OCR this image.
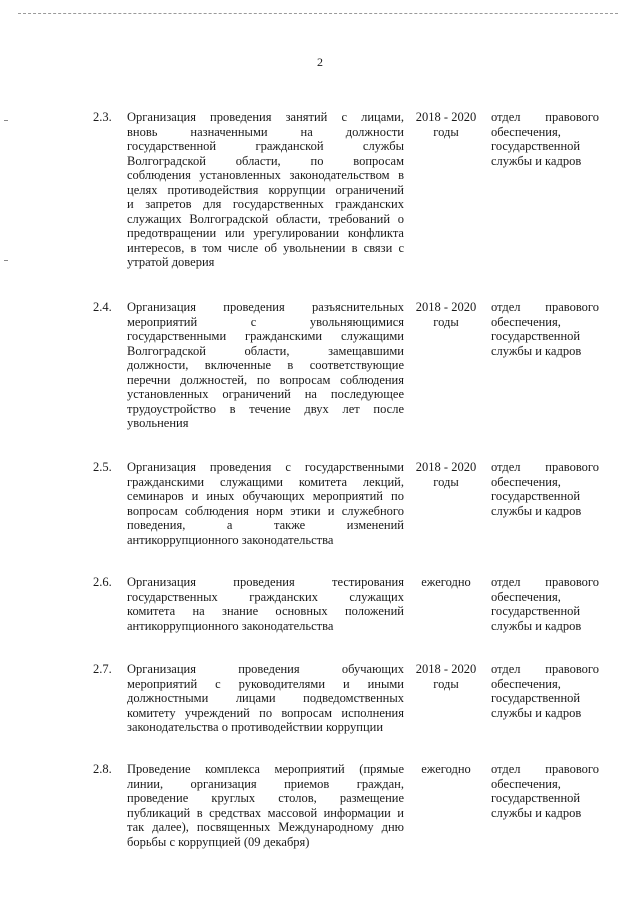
2
2.3. Организация проведения занятий с лицами,
вновь назначенными на должности
государственной гражданской службы
Волгоградской области, по вопросам
соблюдения установленных законодательством в
целях противодействия коррупции ограничений
и запретов для государственных гражданских
служащих Волгоградской области, требований о
предотвращении или урегулировании конфликта
интересов, в том числе об увольнении в связи с
утратой доверия
2018 - 2020
годы
отдел правового
обеспечения,
государственной
службы и кадров
2.4. Организация проведения разъяснительных
мероприятий с увольняющимися
государственными гражданскими служащими
Волгоградской области, замещавшими
должности, включенные в соответствующие
перечни должностей, по вопросам соблюдения
установленных ограничений на последующее
трудоустройство в течение двух лет после
увольнения
2018 - 2020
годы
отдел правового
обеспечения,
государственной
службы и кадров
2.5. Организация проведения с государственными
гражданскими служащими комитета лекций,
семинаров и иных обучающих мероприятий по
вопросам соблюдения норм этики и служебного
поведения, а также изменений
антикоррупционного законодательства
2018 - 2020
годы
отдел правового
обеспечения,
государственной
службы и кадров
2.6. Организация проведения тестирования
государственных гражданских служащих
комитета на знание основных положений
антикоррупционного законодательства
ежегодно	отдел правового
обеспечения,
государственной
службы и кадров
2.7. Организация проведения обучающих
мероприятий с руководителями и иными
должностными лицами подведомственных
комитету учреждений по вопросам исполнения
законодательства о противодействии коррупции
2018 - 2020
годы
отдел правового
обеспечения,
государственной
службы и кадров
2.8. Проведение комплекса мероприятий (прямые
линии, организация приемов граждан,
проведение круглых столов, размещение
публикаций в средствах массовой информации и
так далее), посвященных Международному дню
борьбы с коррупцией (09 декабря)
ежегодно	отдел правового
обеспечения,
государственной
службы и кадров
